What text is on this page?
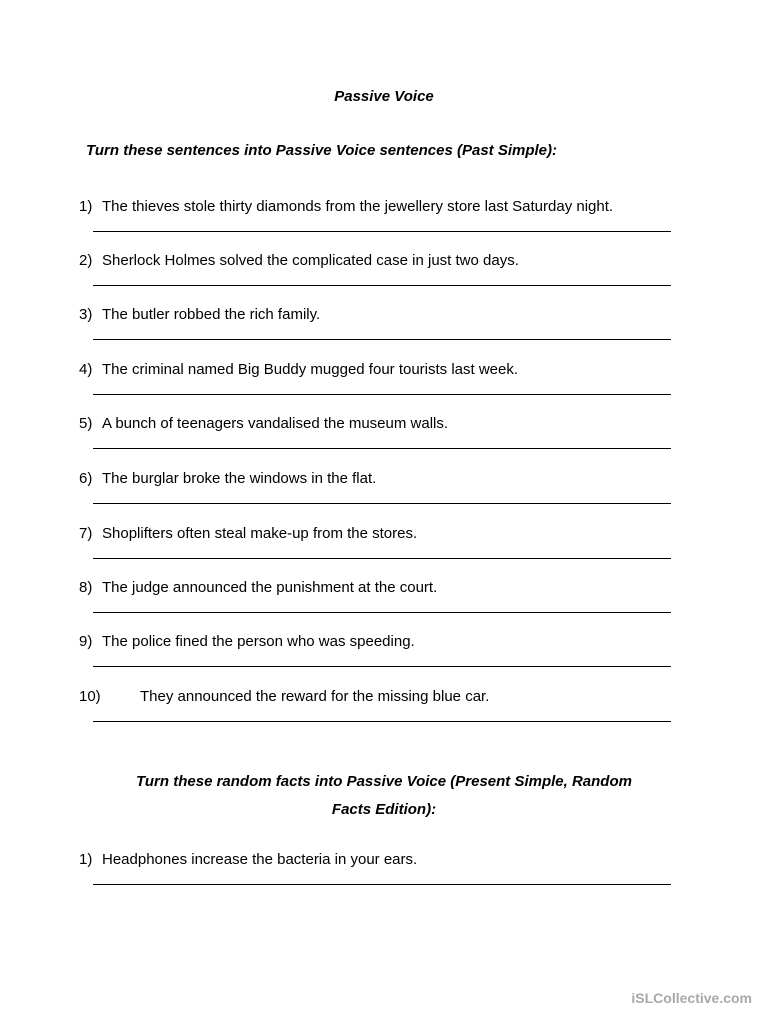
Passive Voice
Turn these sentences into Passive Voice sentences (Past Simple):
1) The thieves stole thirty diamonds from the jewellery store last Saturday night.
2) Sherlock Holmes solved the complicated case in just two days.
3) The butler robbed the rich family.
4) The criminal named Big Buddy mugged four tourists last week.
5) A bunch of teenagers vandalised the museum walls.
6) The burglar broke the windows in the flat.
7) Shoplifters often steal make-up from the stores.
8) The judge announced the punishment at the court.
9) The police fined the person who was speeding.
10)	They announced the reward for the missing blue car.
Turn these random facts into Passive Voice (Present Simple, Random
Facts Edition):
1) Headphones increase the bacteria in your ears.
iSLCollective.com
